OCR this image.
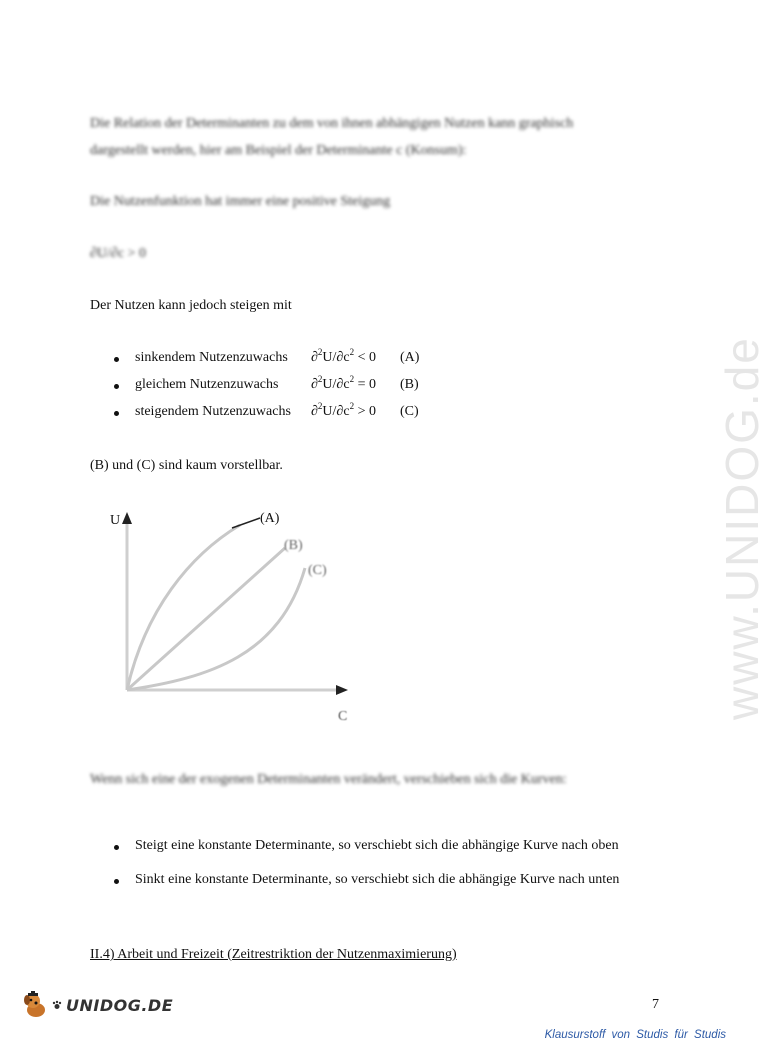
Die Relation der Determinanten zu dem von ihnen abhängigen Nutzen kann graphisch
dargestellt werden, hier am Beispiel der Determinante c (Konsum):
Die Nutzenfunktion hat immer eine positive Steigung
∂U/∂c > 0
Der Nutzen kann jedoch steigen mit
sinkendem Nutzenzuwachs $\partial^2U/\partial c^2 < 0$ (A)
gleichem Nutzenzuwachs $\partial^2U/\partial c^2 = 0$ (B)
steigendem Nutzenzuwachs $\partial^2U/\partial c^2 > 0$ (C)
(B) und (C) sind kaum vorstellbar.
U
C
(A)
(B)
(C)
Wenn sich eine der exogenen Determinanten verändert, verschieben sich die Kurven:
Steigt eine konstante Determinante, so verschiebt sich die abhängige Kurve nach oben
Sinkt eine konstante Determinante, so verschiebt sich die abhängige Kurve nach unten
II.4) Arbeit und Freizeit (Zeitrestriktion der Nutzenmaximierung)
7
www.UNIDOG.de
UNIDOG.DE
Klausurstoff von Studis für Studis
